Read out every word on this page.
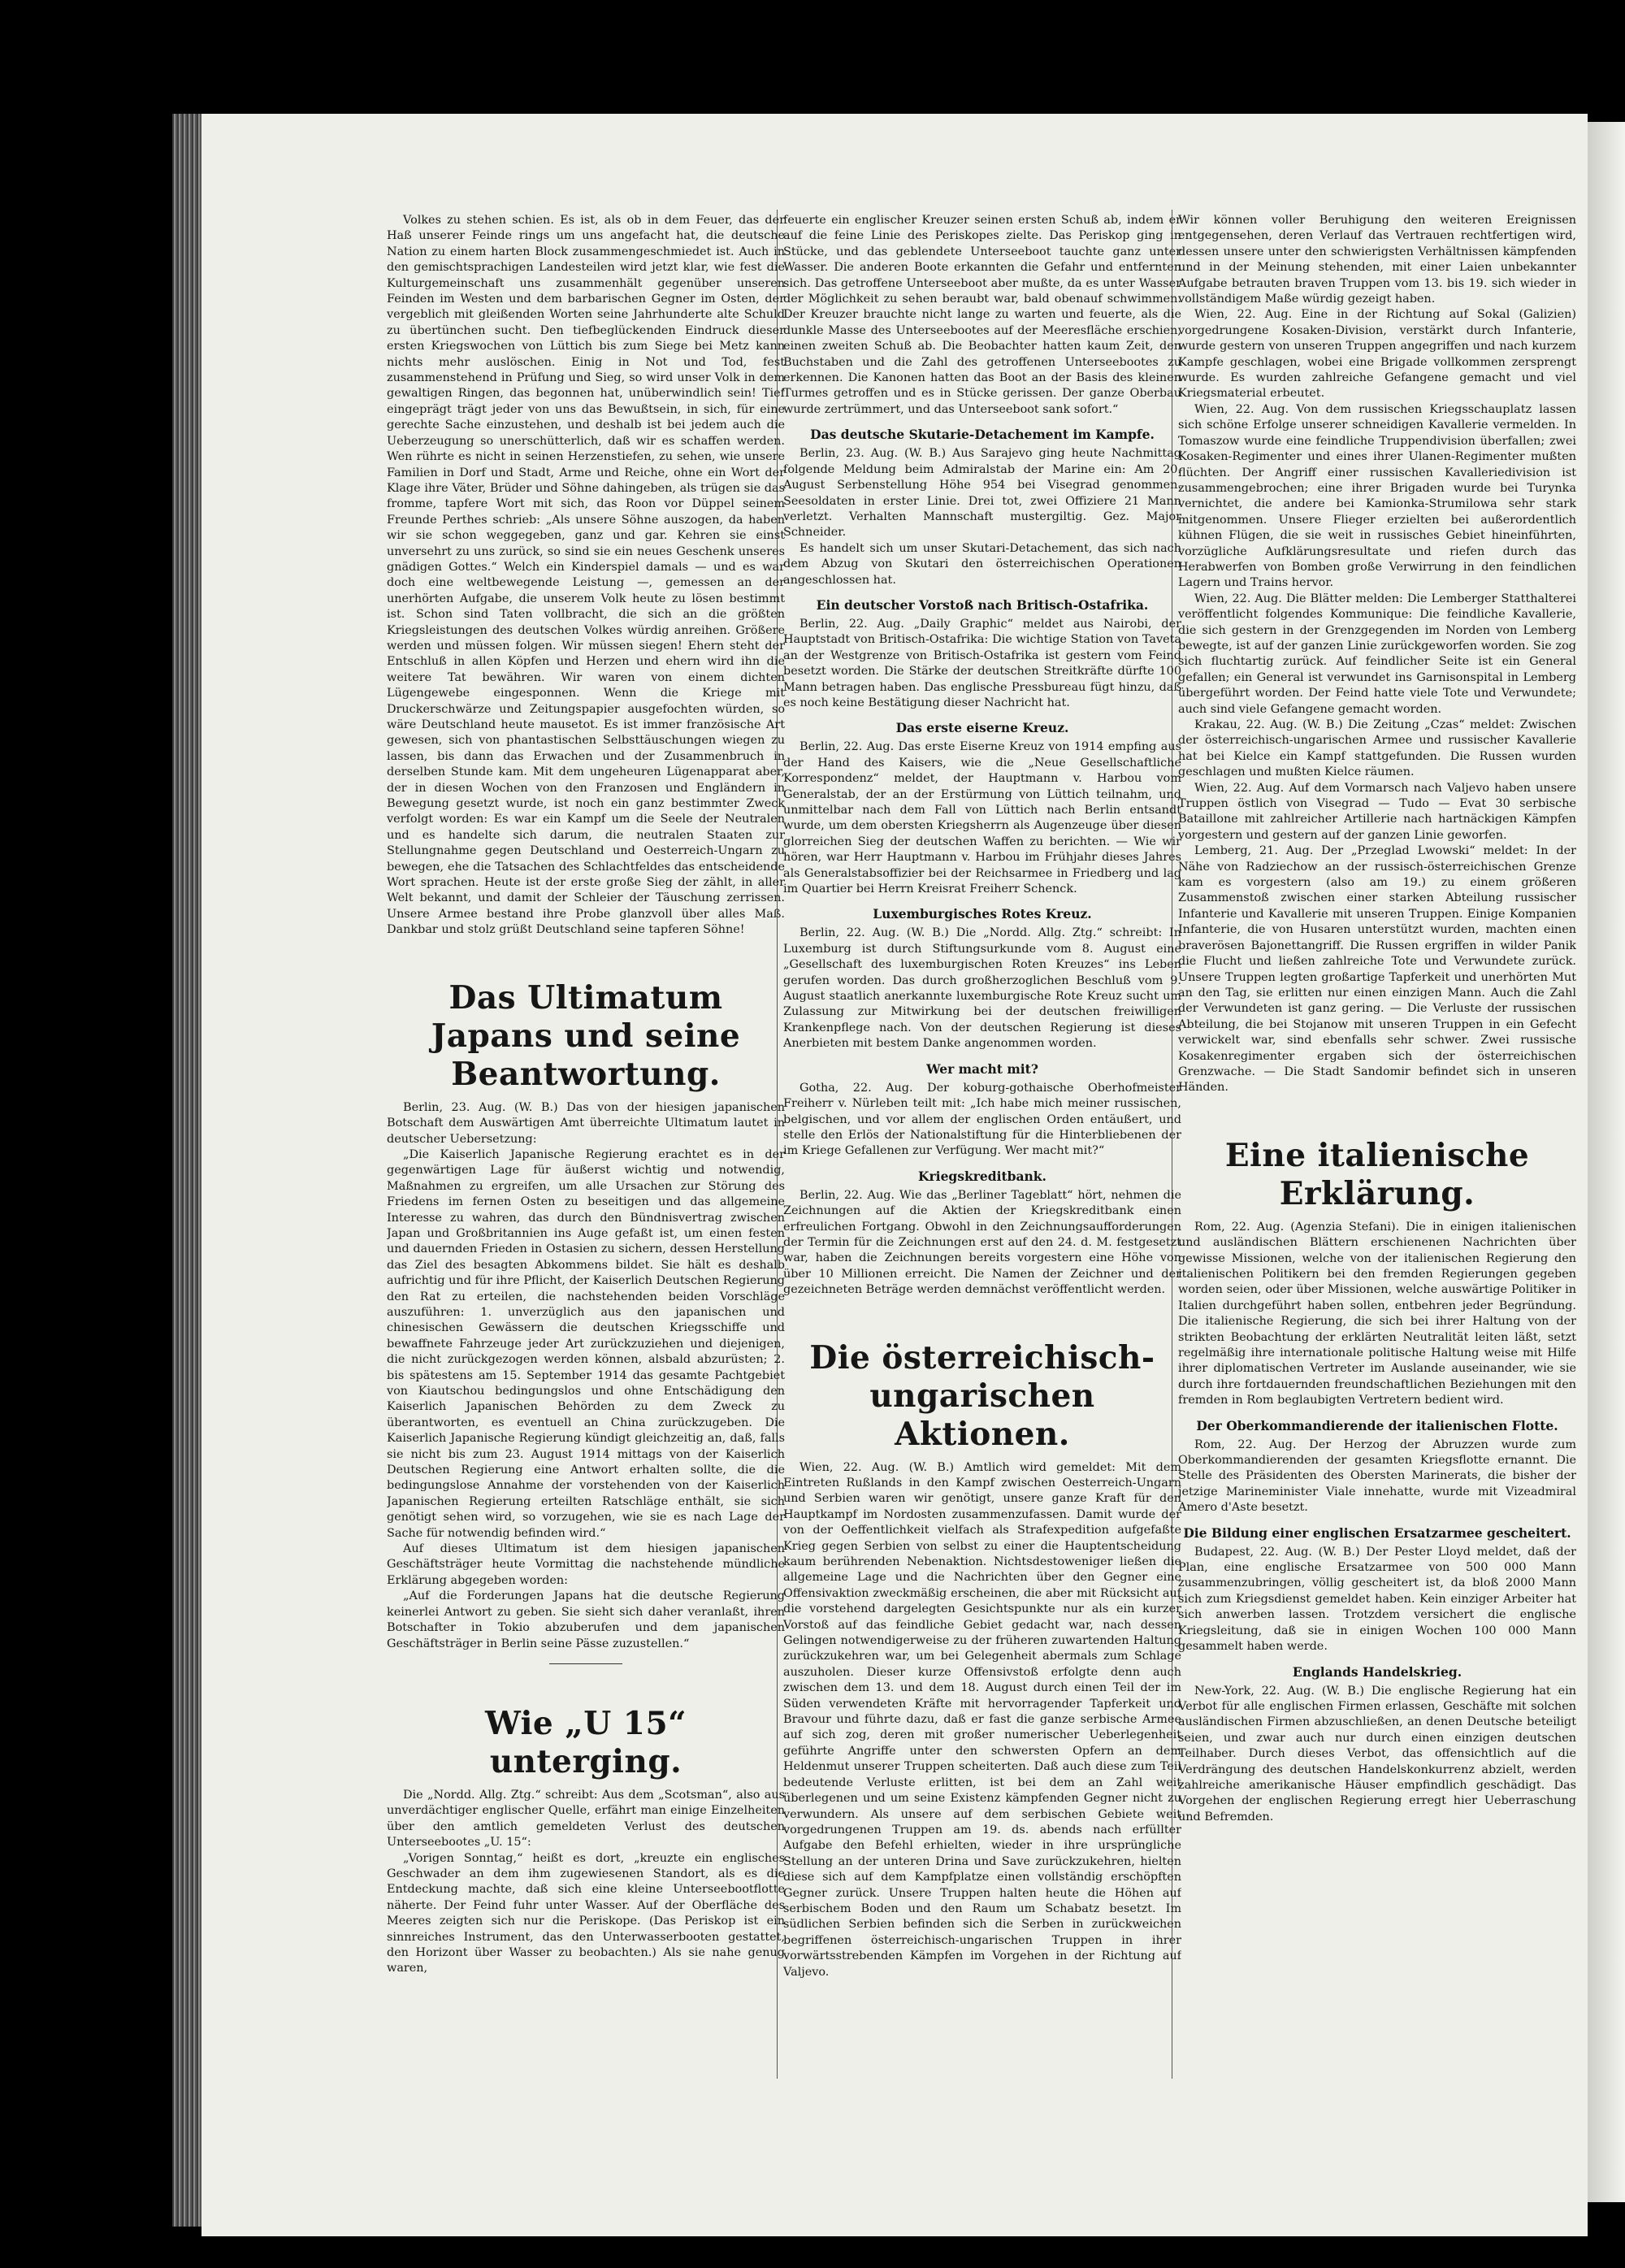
Volkes zu stehen schien. Es ist, als ob in dem Feuer, das der Haß unserer Feinde rings um uns angefacht hat, die deutsche Nation zu einem harten Block zusammengeschmiedet ist. Auch in den gemischtsprachigen Landesteilen wird jetzt klar, wie fest die Kulturgemeinschaft uns zusammenhält gegenüber unseren Feinden im Westen und dem barbarischen Gegner im Osten, der vergeblich mit gleißenden Worten seine Jahrhunderte alte Schuld zu übertünchen sucht. Den tiefbeglückenden Eindruck dieser ersten Kriegswochen von Lüttich bis zum Siege bei Metz kann nichts mehr auslöschen. Einig in Not und Tod, fest zusammenstehend in Prüfung und Sieg, so wird unser Volk in dem gewaltigen Ringen, das begonnen hat, unüberwindlich sein! Tief eingeprägt trägt jeder von uns das Bewußtsein, in sich, für eine gerechte Sache einzustehen, und deshalb ist bei jedem auch die Ueberzeugung so unerschütterlich, daß wir es schaffen werden. Wen rührte es nicht in seinen Herzenstiefen, zu sehen, wie unsere Familien in Dorf und Stadt, Arme und Reiche, ohne ein Wort der Klage ihre Väter, Brüder und Söhne dahingeben, als trügen sie das fromme, tapfere Wort mit sich, das Roon vor Düppel seinem Freunde Perthes schrieb: „Als unsere Söhne auszogen, da haben wir sie schon weggegeben, ganz und gar. Kehren sie einst unversehrt zu uns zurück, so sind sie ein neues Geschenk unseres gnädigen Gottes.“ Welch ein Kinderspiel damals — und es war doch eine weltbewegende Leistung —, gemessen an der unerhörten Aufgabe, die unserem Volk heute zu lösen bestimmt ist. Schon sind Taten vollbracht, die sich an die größten Kriegsleistungen des deutschen Volkes würdig anreihen. Größere werden und müssen folgen. Wir müssen siegen! Ehern steht der Entschluß in allen Köpfen und Herzen und ehern wird ihn die weitere Tat bewähren. Wir waren von einem dichten Lügengewebe eingesponnen. Wenn die Kriege mit Druckerschwärze und Zeitungspapier ausgefochten würden, so wäre Deutschland heute mausetot. Es ist immer französische Art gewesen, sich von phantastischen Selbsttäuschungen wiegen zu lassen, bis dann das Erwachen und der Zusammenbruch in derselben Stunde kam. Mit dem ungeheuren Lügenapparat aber, der in diesen Wochen von den Franzosen und Engländern in Bewegung gesetzt wurde, ist noch ein ganz bestimmter Zweck verfolgt worden: Es war ein Kampf um die Seele der Neutralen und es handelte sich darum, die neutralen Staaten zur Stellungnahme gegen Deutschland und Oesterreich-Ungarn zu bewegen, ehe die Tatsachen des Schlachtfeldes das entscheidende Wort sprachen. Heute ist der erste große Sieg der zählt, in aller Welt bekannt, und damit der Schleier der Täuschung zerrissen. Unsere Armee bestand ihre Probe glanzvoll über alles Maß. Dankbar und stolz grüßt Deutschland seine tapferen Söhne!

Das Ultimatum Japans und seine Beantwortung.

Berlin, 23. Aug. (W. B.) Das von der hiesigen japanischen Botschaft dem Auswärtigen Amt überreichte Ultimatum lautet in deutscher Uebersetzung:

„Die Kaiserlich Japanische Regierung erachtet es in der gegenwärtigen Lage für äußerst wichtig und notwendig, Maßnahmen zu ergreifen, um alle Ursachen zur Störung des Friedens im fernen Osten zu beseitigen und das allgemeine Interesse zu wahren, das durch den Bündnisvertrag zwischen Japan und Großbritannien ins Auge gefaßt ist, um einen festen und dauernden Frieden in Ostasien zu sichern, dessen Herstellung das Ziel des besagten Abkommens bildet. Sie hält es deshalb aufrichtig und für ihre Pflicht, der Kaiserlich Deutschen Regierung den Rat zu erteilen, die nachstehenden beiden Vorschläge auszuführen: 1. unverzüglich aus den japanischen und chinesischen Gewässern die deutschen Kriegsschiffe und bewaffnete Fahrzeuge jeder Art zurückzuziehen und diejenigen, die nicht zurückgezogen werden können, alsbald abzurüsten; 2. bis spätestens am 15. September 1914 das gesamte Pachtgebiet von Kiautschou bedingungslos und ohne Entschädigung den Kaiserlich Japanischen Behörden zu dem Zweck zu überantworten, es eventuell an China zurückzugeben. Die Kaiserlich Japanische Regierung kündigt gleichzeitig an, daß, falls sie nicht bis zum 23. August 1914 mittags von der Kaiserlich Deutschen Regierung eine Antwort erhalten sollte, die die bedingungslose Annahme der vorstehenden von der Kaiserlich Japanischen Regierung erteilten Ratschläge enthält, sie sich genötigt sehen wird, so vorzugehen, wie sie es nach Lage der Sache für notwendig befinden wird.“

Auf dieses Ultimatum ist dem hiesigen japanischen Geschäftsträger heute Vormittag die nachstehende mündliche Erklärung abgegeben worden:

„Auf die Forderungen Japans hat die deutsche Regierung keinerlei Antwort zu geben. Sie sieht sich daher veranlaßt, ihren Botschafter in Tokio abzuberufen und dem japanischen Geschäftsträger in Berlin seine Pässe zuzustellen.“

Wie „U 15“ unterging.

Die „Nordd. Allg. Ztg.“ schreibt: Aus dem „Scotsman“, also aus unverdächtiger englischer Quelle, erfährt man einige Einzelheiten über den amtlich gemeldeten Verlust des deutschen Unterseebootes „U. 15“:

„Vorigen Sonntag,“ heißt es dort, „kreuzte ein englisches Geschwader an dem ihm zugewiesenen Standort, als es die Entdeckung machte, daß sich eine kleine Unterseebootflotte näherte. Der Feind fuhr unter Wasser. Auf der Oberfläche des Meeres zeigten sich nur die Periskope. (Das Periskop ist ein sinnreiches Instrument, das den Unterwasserbooten gestattet, den Horizont über Wasser zu beobachten.) Als sie nahe genug waren,

feuerte ein englischer Kreuzer seinen ersten Schuß ab, indem er auf die feine Linie des Periskopes zielte. Das Periskop ging in Stücke, und das geblendete Unterseeboot tauchte ganz unter Wasser. Die anderen Boote erkannten die Gefahr und entfernten sich. Das getroffene Unterseeboot aber mußte, da es unter Wasser der Möglichkeit zu sehen beraubt war, bald obenauf schwimmen. Der Kreuzer brauchte nicht lange zu warten und feuerte, als die dunkle Masse des Unterseebootes auf der Meeresfläche erschien, einen zweiten Schuß ab. Die Beobachter hatten kaum Zeit, den Buchstaben und die Zahl des getroffenen Unterseebootes zu erkennen. Die Kanonen hatten das Boot an der Basis des kleinen Turmes getroffen und es in Stücke gerissen. Der ganze Oberbau wurde zertrümmert, und das Unterseeboot sank sofort.“

Das deutsche Skutarie-Detachement im Kampfe.

Berlin, 23. Aug. (W. B.) Aus Sarajevo ging heute Nachmittag folgende Meldung beim Admiralstab der Marine ein: Am 20. August Serbenstellung Höhe 954 bei Visegrad genommen. Seesoldaten in erster Linie. Drei tot, zwei Offiziere 21 Mann verletzt. Verhalten Mannschaft mustergiltig. Gez. Major Schneider.

Es handelt sich um unser Skutari-Detachement, das sich nach dem Abzug von Skutari den österreichischen Operationen angeschlossen hat.

Ein deutscher Vorstoß nach Britisch-Ostafrika.

Berlin, 22. Aug. „Daily Graphic“ meldet aus Nairobi, der Hauptstadt von Britisch-Ostafrika: Die wichtige Station von Taveta an der Westgrenze von Britisch-Ostafrika ist gestern vom Feind besetzt worden. Die Stärke der deutschen Streitkräfte dürfte 100 Mann betragen haben. Das englische Pressbureau fügt hinzu, daß es noch keine Bestätigung dieser Nachricht hat.

Das erste eiserne Kreuz.

Berlin, 22. Aug. Das erste Eiserne Kreuz von 1914 empfing aus der Hand des Kaisers, wie die „Neue Gesellschaftliche Korrespondenz“ meldet, der Hauptmann v. Harbou vom Generalstab, der an der Erstürmung von Lüttich teilnahm, und unmittelbar nach dem Fall von Lüttich nach Berlin entsandt wurde, um dem obersten Kriegsherrn als Augenzeuge über diesen glorreichen Sieg der deutschen Waffen zu berichten. — Wie wir hören, war Herr Hauptmann v. Harbou im Frühjahr dieses Jahres als Generalstabsoffizier bei der Reichsarmee in Friedberg und lag im Quartier bei Herrn Kreisrat Freiherr Schenck.

Luxemburgisches Rotes Kreuz.

Berlin, 22. Aug. (W. B.) Die „Nordd. Allg. Ztg.“ schreibt: In Luxemburg ist durch Stiftungsurkunde vom 8. August eine „Gesellschaft des luxemburgischen Roten Kreuzes“ ins Leben gerufen worden. Das durch großherzoglichen Beschluß vom 9. August staatlich anerkannte luxemburgische Rote Kreuz sucht um Zulassung zur Mitwirkung bei der deutschen freiwilligen Krankenpflege nach. Von der deutschen Regierung ist dieses Anerbieten mit bestem Danke angenommen worden.

Wer macht mit?

Gotha, 22. Aug. Der koburg-gothaische Oberhofmeister Freiherr v. Nürleben teilt mit: „Ich habe mich meiner russischen, belgischen, und vor allem der englischen Orden entäußert, und stelle den Erlös der Nationalstiftung für die Hinterbliebenen der im Kriege Gefallenen zur Verfügung. Wer macht mit?“

Kriegskreditbank.

Berlin, 22. Aug. Wie das „Berliner Tageblatt“ hört, nehmen die Zeichnungen auf die Aktien der Kriegskreditbank einen erfreulichen Fortgang. Obwohl in den Zeichnungsaufforderungen der Termin für die Zeichnungen erst auf den 24. d. M. festgesetzt war, haben die Zeichnungen bereits vorgestern eine Höhe von über 10 Millionen erreicht. Die Namen der Zeichner und der gezeichneten Beträge werden demnächst veröffentlicht werden.

Die österreichisch-ungarischen Aktionen.

Wien, 22. Aug. (W. B.) Amtlich wird gemeldet: Mit dem Eintreten Rußlands in den Kampf zwischen Oesterreich-Ungarn und Serbien waren wir genötigt, unsere ganze Kraft für den Hauptkampf im Nordosten zusammenzufassen. Damit wurde der von der Oeffentlichkeit vielfach als Strafexpedition aufgefaßte Krieg gegen Serbien von selbst zu einer die Hauptentscheidung kaum berührenden Nebenaktion. Nichtsdestoweniger ließen die allgemeine Lage und die Nachrichten über den Gegner eine Offensivaktion zweckmäßig erscheinen, die aber mit Rücksicht auf die vorstehend dargelegten Gesichtspunkte nur als ein kurzer Vorstoß auf das feindliche Gebiet gedacht war, nach dessen Gelingen notwendigerweise zu der früheren zuwartenden Haltung zurückzukehren war, um bei Gelegenheit abermals zum Schlage auszuholen. Dieser kurze Offensivstoß erfolgte denn auch zwischen dem 13. und dem 18. August durch einen Teil der im Süden verwendeten Kräfte mit hervorragender Tapferkeit und Bravour und führte dazu, daß er fast die ganze serbische Armee auf sich zog, deren mit großer numerischer Ueberlegenheit geführte Angriffe unter den schwersten Opfern an dem Heldenmut unserer Truppen scheiterten. Daß auch diese zum Teil bedeutende Verluste erlitten, ist bei dem an Zahl weit überlegenen und um seine Existenz kämpfenden Gegner nicht zu verwundern. Als unsere auf dem serbischen Gebiete weit vorgedrungenen Truppen am 19. ds. abends nach erfüllter Aufgabe den Befehl erhielten, wieder in ihre ursprüngliche Stellung an der unteren Drina und Save zurückzukehren, hielten diese sich auf dem Kampfplatze einen vollständig erschöpften Gegner zurück. Unsere Truppen halten heute die Höhen auf serbischem Boden und den Raum um Schabatz besetzt. Im südlichen Serbien befinden sich die Serben in zurückweichen begriffenen österreichisch-ungarischen Truppen in ihrer vorwärtsstrebenden Kämpfen im Vorgehen in der Richtung auf Valjevo.

Wir können voller Beruhigung den weiteren Ereignissen entgegensehen, deren Verlauf das Vertrauen rechtfertigen wird, dessen unsere unter den schwierigsten Verhältnissen kämpfenden und in der Meinung stehenden, mit einer Laien unbekannter Aufgabe betrauten braven Truppen vom 13. bis 19. sich wieder in vollständigem Maße würdig gezeigt haben.

Wien, 22. Aug. Eine in der Richtung auf Sokal (Galizien) vorgedrungene Kosaken-Division, verstärkt durch Infanterie, wurde gestern von unseren Truppen angegriffen und nach kurzem Kampfe geschlagen, wobei eine Brigade vollkommen zersprengt wurde. Es wurden zahlreiche Gefangene gemacht und viel Kriegsmaterial erbeutet.

Wien, 22. Aug. Von dem russischen Kriegsschauplatz lassen sich schöne Erfolge unserer schneidigen Kavallerie vermelden. In Tomaszow wurde eine feindliche Truppendivision überfallen; zwei Kosaken-Regimenter und eines ihrer Ulanen-Regimenter mußten flüchten. Der Angriff einer russischen Kavalleriedivision ist zusammengebrochen; eine ihrer Brigaden wurde bei Turynka vernichtet, die andere bei Kamionka-Strumilowa sehr stark mitgenommen. Unsere Flieger erzielten bei außerordentlich kühnen Flügen, die sie weit in russisches Gebiet hineinführten, vorzügliche Aufklärungsresultate und riefen durch das Herabwerfen von Bomben große Verwirrung in den feindlichen Lagern und Trains hervor.

Wien, 22. Aug. Die Blätter melden: Die Lemberger Statthalterei veröffentlicht folgendes Kommunique: Die feindliche Kavallerie, die sich gestern in der Grenzgegenden im Norden von Lemberg bewegte, ist auf der ganzen Linie zurückgeworfen worden. Sie zog sich fluchtartig zurück. Auf feindlicher Seite ist ein General gefallen; ein General ist verwundet ins Garnisonspital in Lemberg übergeführt worden. Der Feind hatte viele Tote und Verwundete; auch sind viele Gefangene gemacht worden.

Krakau, 22. Aug. (W. B.) Die Zeitung „Czas“ meldet: Zwischen der österreichisch-ungarischen Armee und russischer Kavallerie hat bei Kielce ein Kampf stattgefunden. Die Russen wurden geschlagen und mußten Kielce räumen.

Wien, 22. Aug. Auf dem Vormarsch nach Valjevo haben unsere Truppen östlich von Visegrad — Tudo — Evat 30 serbische Bataillone mit zahlreicher Artillerie nach hartnäckigen Kämpfen vorgestern und gestern auf der ganzen Linie geworfen.

Lemberg, 21. Aug. Der „Przeglad Lwowski“ meldet: In der Nähe von Radziechow an der russisch-österreichischen Grenze kam es vorgestern (also am 19.) zu einem größeren Zusammenstoß zwischen einer starken Abteilung russischer Infanterie und Kavallerie mit unseren Truppen. Einige Kompanien Infanterie, die von Husaren unterstützt wurden, machten einen braverösen Bajonettangriff. Die Russen ergriffen in wilder Panik die Flucht und ließen zahlreiche Tote und Verwundete zurück. Unsere Truppen legten großartige Tapferkeit und unerhörten Mut an den Tag, sie erlitten nur einen einzigen Mann. Auch die Zahl der Verwundeten ist ganz gering. — Die Verluste der russischen Abteilung, die bei Stojanow mit unseren Truppen in ein Gefecht verwickelt war, sind ebenfalls sehr schwer. Zwei russische Kosakenregimenter ergaben sich der österreichischen Grenzwache. — Die Stadt Sandomir befindet sich in unseren Händen.

Eine italienische Erklärung.

Rom, 22. Aug. (Agenzia Stefani). Die in einigen italienischen und ausländischen Blättern erschienenen Nachrichten über gewisse Missionen, welche von der italienischen Regierung den italienischen Politikern bei den fremden Regierungen gegeben worden seien, oder über Missionen, welche auswärtige Politiker in Italien durchgeführt haben sollen, entbehren jeder Begründung. Die italienische Regierung, die sich bei ihrer Haltung von der strikten Beobachtung der erklärten Neutralität leiten läßt, setzt regelmäßig ihre internationale politische Haltung weise mit Hilfe ihrer diplomatischen Vertreter im Auslande auseinander, wie sie durch ihre fortdauernden freundschaftlichen Beziehungen mit den fremden in Rom beglaubigten Vertretern bedient wird.

Der Oberkommandierende der italienischen Flotte.

Rom, 22. Aug. Der Herzog der Abruzzen wurde zum Oberkommandierenden der gesamten Kriegsflotte ernannt. Die Stelle des Präsidenten des Obersten Marinerats, die bisher der jetzige Marineminister Viale innehatte, wurde mit Vizeadmiral Amero d'Aste besetzt.

Die Bildung einer englischen Ersatzarmee gescheitert.

Budapest, 22. Aug. (W. B.) Der Pester Lloyd meldet, daß der Plan, eine englische Ersatzarmee von 500 000 Mann zusammenzubringen, völlig gescheitert ist, da bloß 2000 Mann sich zum Kriegsdienst gemeldet haben. Kein einziger Arbeiter hat sich anwerben lassen. Trotzdem versichert die englische Kriegsleitung, daß sie in einigen Wochen 100 000 Mann gesammelt haben werde.

Englands Handelskrieg.

New-York, 22. Aug. (W. B.) Die englische Regierung hat ein Verbot für alle englischen Firmen erlassen, Geschäfte mit solchen ausländischen Firmen abzuschließen, an denen Deutsche beteiligt seien, und zwar auch nur durch einen einzigen deutschen Teilhaber. Durch dieses Verbot, das offensichtlich auf die Verdrängung des deutschen Handelskonkurrenz abzielt, werden zahlreiche amerikanische Häuser empfindlich geschädigt. Das Vorgehen der englischen Regierung erregt hier Ueberraschung und Befremden.
